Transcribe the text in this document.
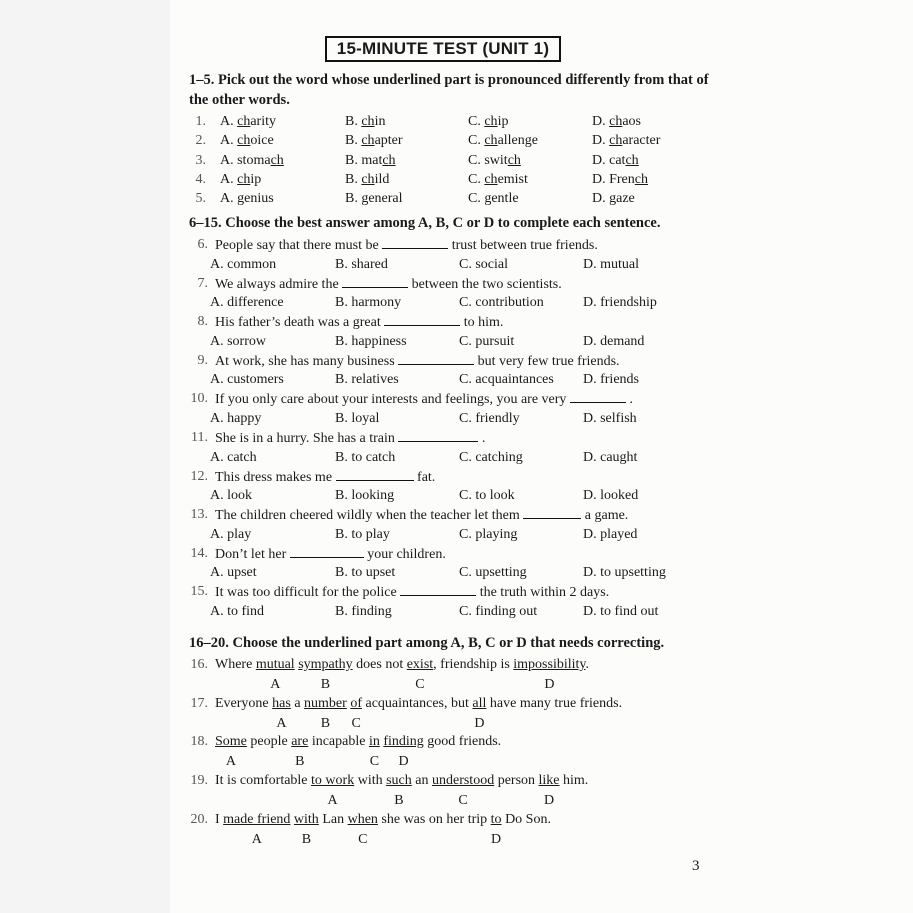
15-MINUTE TEST (UNIT 1)
1–5. Pick out the word whose underlined part is pronounced differently from that of the other words.
1. A. charity	B. chin	C. chip	D. chaos
2. A. choice	B. chapter	C. challenge	D. character
3. A. stomach	B. match	C. switch	D. catch
4. A. chip	B. child	C. chemist	D. French
5. A. genius	B. general	C. gentle	D. gaze
6–15. Choose the best answer among A, B, C or D to complete each sentence.
6. People say that there must be	trust between true friends.
A. common	B. shared	C. social	D. mutual
7. We always admire the	between the two scientists.
A. difference	B. harmony	C. contribution	D. friendship
8. His father’s death was a great	to him.
A. sorrow	B. happiness	C. pursuit	D. demand
9. At work, she has many business	but very few true friends.
A. customers	B. relatives	C. acquaintances D. friends
10. If you only care about your interests and feelings, you are very	.
A. happy	B. loyal	C. friendly	D. selfish
11. She is in a hurry. She has a train	.
A. catch	B. to catch	C. catching	D. caught
12. This dress makes me	fat.
A. look	B. looking	C. to look	D. looked
13. The children cheered wildly when the teacher let them	a game.
A. play	B. to play	C. playing	D. played
14. Don’t let her	your children.
A. upset	B. to upset	C. upsetting	D. to upsetting
15. It was too difficult for the police	the truth within 2 days.
A. to find	B. finding	C. finding out	D. to find out
16–20. Choose the underlined part among A, B, C or D that needs correcting.
16. Where mutual sympathy does not exist, friendship is impossibility.
A	B	C	D
17. Everyone has a number of acquaintances, but all have many true friends.
A B C	D
18. Some people are incapable in finding good friends.
A	B	C D
19. It is comfortable to work with such an understood person like him.
A	B	C	D
20. I made friend with Lan when she was on her trip to Do Son.
A	B	C	D
3
